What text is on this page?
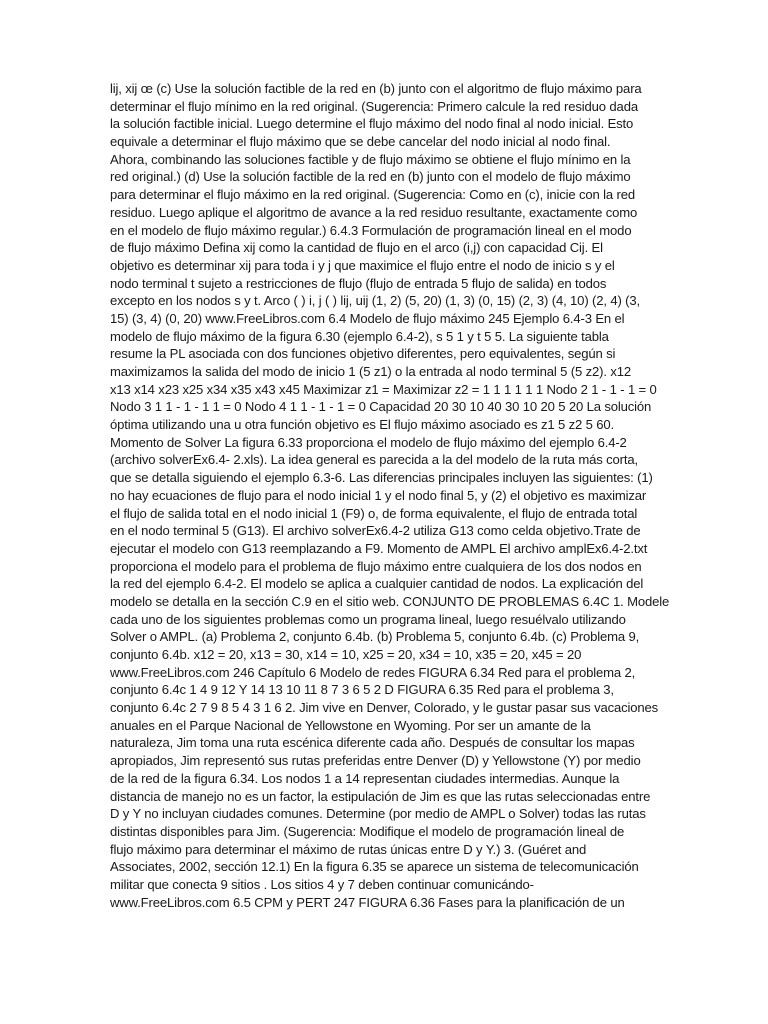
lij, xij œ (c) Use la solución factible de la red en (b) junto con el algoritmo de flujo máximo para
determinar el flujo mínimo en la red original. (Sugerencia: Primero calcule la red residuo dada
la solución factible inicial. Luego determine el flujo máximo del nodo final al nodo inicial. Esto
equivale a determinar el flujo máximo que se debe cancelar del nodo inicial al nodo final.
Ahora, combinando las soluciones factible y de flujo máximo se obtiene el flujo mínimo en la
red original.) (d) Use la solución factible de la red en (b) junto con el modelo de flujo máximo
para determinar el flujo máximo en la red original. (Sugerencia: Como en (c), inicie con la red
residuo. Luego aplique el algoritmo de avance a la red residuo resultante, exactamente como
en el modelo de flujo máximo regular.) 6.4.3 Formulación de programación lineal en el modo
de flujo máximo Defina xij como la cantidad de flujo en el arco (i,j) con capacidad Cij. El
objetivo es determinar xij para toda i y j que maximice el flujo entre el nodo de inicio s y el
nodo terminal t sujeto a restricciones de flujo (flujo de entrada 5 flujo de salida) en todos
excepto en los nodos s y t. Arco ( ) i, j ( ) lij, uij (1, 2) (5, 20) (1, 3) (0, 15) (2, 3) (4, 10) (2, 4) (3,
15) (3, 4) (0, 20) www.FreeLibros.com 6.4 Modelo de flujo máximo 245 Ejemplo 6.4-3 En el
modelo de flujo máximo de la figura 6.30 (ejemplo 6.4-2), s 5 1 y t 5 5. La siguiente tabla
resume la PL asociada con dos funciones objetivo diferentes, pero equivalentes, según si
maximizamos la salida del modo de inicio 1 (5 z1) o la entrada al nodo terminal 5 (5 z2). x12
x13 x14 x23 x25 x34 x35 x43 x45 Maximizar z1 = Maximizar z2 = 1 1 1 1 1 1 Nodo 2 1 - 1 - 1 = 0
Nodo 3 1 1 - 1 - 1 1 = 0 Nodo 4 1 1 - 1 - 1 = 0 Capacidad 20 30 10 40 30 10 20 5 20 La solución
óptima utilizando una u otra función objetivo es El flujo máximo asociado es z1 5 z2 5 60.
Momento de Solver La figura 6.33 proporciona el modelo de flujo máximo del ejemplo 6.4-2
(archivo solverEx6.4- 2.xls). La idea general es parecida a la del modelo de la ruta más corta,
que se detalla siguiendo el ejemplo 6.3-6. Las diferencias principales incluyen las siguientes: (1)
no hay ecuaciones de flujo para el nodo inicial 1 y el nodo final 5, y (2) el objetivo es maximizar
el flujo de salida total en el nodo inicial 1 (F9) o, de forma equivalente, el flujo de entrada total
en el nodo terminal 5 (G13). El archivo solverEx6.4-2 utiliza G13 como celda objetivo.Trate de
ejecutar el modelo con G13 reemplazando a F9. Momento de AMPL El archivo amplEx6.4-2.txt
proporciona el modelo para el problema de flujo máximo entre cualquiera de los dos nodos en
la red del ejemplo 6.4-2. El modelo se aplica a cualquier cantidad de nodos. La explicación del
modelo se detalla en la sección C.9 en el sitio web. CONJUNTO DE PROBLEMAS 6.4C 1. Modele
cada uno de los siguientes problemas como un programa lineal, luego resuélvalo utilizando
Solver o AMPL. (a) Problema 2, conjunto 6.4b. (b) Problema 5, conjunto 6.4b. (c) Problema 9,
conjunto 6.4b. x12 = 20, x13 = 30, x14 = 10, x25 = 20, x34 = 10, x35 = 20, x45 = 20
www.FreeLibros.com 246 Capítulo 6 Modelo de redes FIGURA 6.34 Red para el problema 2,
conjunto 6.4c 1 4 9 12 Y 14 13 10 11 8 7 3 6 5 2 D FIGURA 6.35 Red para el problema 3,
conjunto 6.4c 2 7 9 8 5 4 3 1 6 2. Jim vive en Denver, Colorado, y le gustar pasar sus vacaciones
anuales en el Parque Nacional de Yellowstone en Wyoming. Por ser un amante de la
naturaleza, Jim toma una ruta escénica diferente cada año. Después de consultar los mapas
apropiados, Jim representó sus rutas preferidas entre Denver (D) y Yellowstone (Y) por medio
de la red de la figura 6.34. Los nodos 1 a 14 representan ciudades intermedias. Aunque la
distancia de manejo no es un factor, la estipulación de Jim es que las rutas seleccionadas entre
D y Y no incluyan ciudades comunes. Determine (por medio de AMPL o Solver) todas las rutas
distintas disponibles para Jim. (Sugerencia: Modifique el modelo de programación lineal de
flujo máximo para determinar el máximo de rutas únicas entre D y Y.) 3. (Guéret and
Associates, 2002, sección 12.1) En la figura 6.35 se aparece un sistema de telecomunicación
militar que conecta 9 sitios . Los sitios 4 y 7 deben continuar comunicándo-
www.FreeLibros.com 6.5 CPM y PERT 247 FIGURA 6.36 Fases para la planificación de un
